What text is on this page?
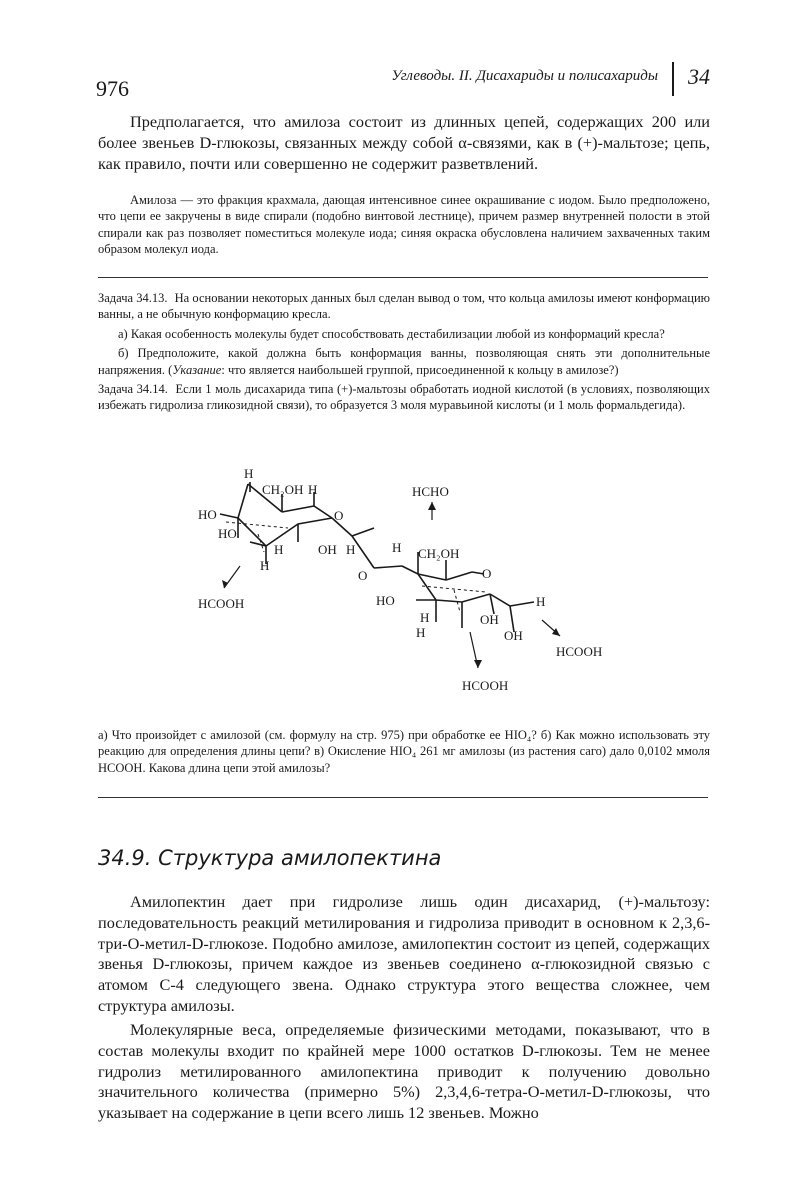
976	Углеводы. II. Дисахариды и полисахариды 34

Предполагается, что амилоза состоит из длинных цепей, содержащих 200 или более звеньев D-глюкозы, связанных между собой α-связями, как в (+)-мальтозе; цепь, как правило, почти или совершенно не содержит разветвлений.

Амилоза — это фракция крахмала, дающая интенсивное синее окрашивание с иодом. Было предположено, что цепи ее закручены в виде спирали (подобно винтовой лестнице), причем размер внутренней полости в этой спирали как раз позволяет поместиться молекуле иода; синяя окраска обусловлена наличием захваченных таким образом молекул иода.

Задача 34.13. На основании некоторых данных был сделан вывод о том, что кольца амилозы имеют конформацию ванны, а не обычную конформацию кресла.

а) Какая особенность молекулы будет способствовать дестабилизации любой из конформаций кресла?

б) Предположите, какой должна быть конформация ванны, позволяющая снять эти дополнительные напряжения. (Указание: что является наибольшей группой, присоединенной к кольцу в амилозе?)

Задача 34.14. Если 1 моль дисахарида типа (+)-мальтозы обработать иодной кислотой (в условиях, позволяющих избежать гидролиза гликозидной связи), то образуется 3 моля муравьиной кислоты (и 1 моль формальдегида).

H
CH₂OH H
HO
HO
H
H
OH H
HCOOH
O
O
HCHO
H CH₂OH
O
HO
H
H
OH
OH
H
HCOOH
HCOOH

а) Что произойдет с амилозой (см. формулу на стр. 975) при обработке ее HIO₄? б) Как можно использовать эту реакцию для определения длины цепи? в) Окисление HIO₄ 261 мг амилозы (из растения саго) дало 0,0102 ммоля HCOOH. Какова длина цепи этой амилозы?

34.9. Структура амилопектина

Амилопектин дает при гидролизе лишь один дисахарид, (+)-мальтозу: последовательность реакций метилирования и гидролиза приводит в основном к 2,3,6-три-О-метил-D-глюкозе. Подобно амилозе, амилопектин состоит из цепей, содержащих звенья D-глюкозы, причем каждое из звеньев соединено α-глюкозидной связью с атомом С-4 следующего звена. Однако структура этого вещества сложнее, чем структура амилозы.

Молекулярные веса, определяемые физическими методами, показывают, что в состав молекулы входит по крайней мере 1000 остатков D-глюкозы. Тем не менее гидролиз метилированного амилопектина приводит к получению довольно значительного количества (примерно 5%) 2,3,4,6-тетра-О-метил-D-глюкозы, что указывает на содержание в цепи всего лишь 12 звеньев. Можно
